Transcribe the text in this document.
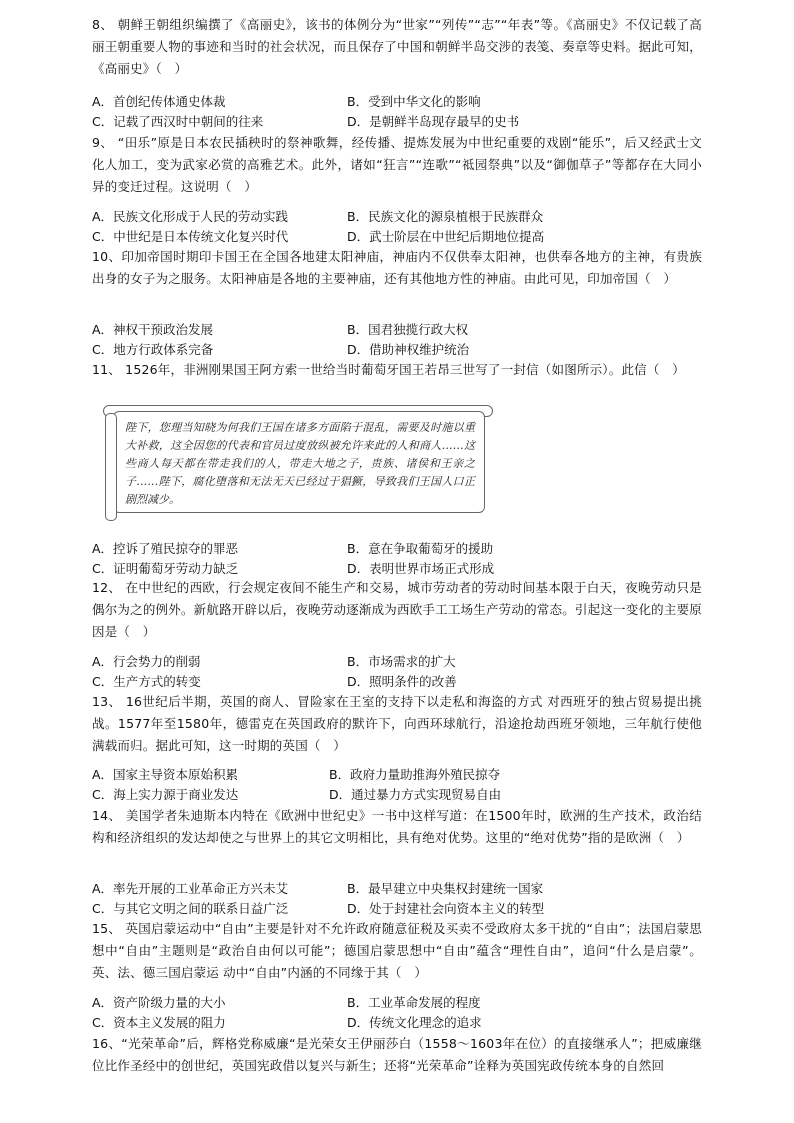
8、 朝鲜王朝组织编撰了《高丽史》，该书的体例分为“世家”“列传”“志”“年表”等。《高丽史》不仅记载了高丽王朝重要人物的事迹和当时的社会状况，而且保存了中国和朝鲜半岛交涉的表笺、奏章等史料。据此可知，《高丽史》（　）
A．首创纪传体通史体裁	B．受到中华文化的影响
C．记载了西汉时中朝间的往来	D．是朝鲜半岛现存最早的史书
9、 “田乐”原是日本农民插秧时的祭神歌舞，经传播、提炼发展为中世纪重要的戏剧“能乐”，后又经武士文化人加工，变为武家必赏的高雅艺术。此外，诸如“狂言”“连歌”“祗园祭典”以及“御伽草子”等都存在大同小异的变迁过程。这说明（　）
A．民族文化形成于人民的劳动实践	B．民族文化的源泉植根于民族群众
C．中世纪是日本传统文化复兴时代	D．武士阶层在中世纪后期地位提高
10、印加帝国时期印卡国王在全国各地建太阳神庙，神庙内不仅供奉太阳神，也供奉各地方的主神，有贵族出身的女子为之服务。太阳神庙是各地的主要神庙，还有其他地方性的神庙。由此可见，印加帝国（　）
A．神权干预政治发展	B．国君独揽行政大权
C．地方行政体系完备	D．借助神权维护统治
11、 1526年，非洲刚果国王阿方索一世给当时葡萄牙国王若昂三世写了一封信（如图所示）。此信（　）
陛下，您理当知晓为何我们王国在诸多方面陷于混乱，需要及时施以重大补救，这全因您的代表和官员过度放纵被允许来此的人和商人……这些商人每天都在带走我们的人，带走大地之子，贵族、诸侯和王亲之子……陛下，腐化堕落和无法无天已经过于猖獗，导致我们王国人口正剧烈减少。
A．控诉了殖民掠夺的罪恶	B．意在争取葡萄牙的援助
C．证明葡萄牙劳动力缺乏	D．表明世界市场正式形成
12、 在中世纪的西欧，行会规定夜间不能生产和交易，城市劳动者的劳动时间基本限于白天，夜晚劳动只是偶尔为之的例外。新航路开辟以后，夜晚劳动逐渐成为西欧手工工场生产劳动的常态。引起这一变化的主要原因是（　）
A．行会势力的削弱	B．市场需求的扩大
C．生产方式的转变	D．照明条件的改善
13、 16世纪后半期，英国的商人、冒险家在王室的支持下以走私和海盗的方式 对西班牙的独占贸易提出挑战。1577年至1580年，德雷克在英国政府的默许下，向西环球航行，沿途抢劫西班牙领地，三年航行使他满载而归。据此可知，这一时期的英国（　）
A．国家主导资本原始积累	B．政府力量助推海外殖民掠夺
C．海上实力源于商业发达	D．通过暴力方式实现贸易自由
14、 美国学者朱迪斯本内特在《欧洲中世纪史》一书中这样写道：在1500年时，欧洲的生产技术，政治结构和经济组织的发达却使之与世界上的其它文明相比，具有绝对优势。这里的“绝对优势”指的是欧洲（　）
A．率先开展的工业革命正方兴未艾	B．最早建立中央集权封建统一国家
C．与其它文明之间的联系日益广泛	D．处于封建社会向资本主义的转型
15、 英国启蒙运动中“自由”主要是针对不允许政府随意征税及买卖不受政府太多干扰的“自由”；法国启蒙思想中“自由”主题则是“政治自由何以可能”；德国启蒙思想中“自由”蕴含“理性自由”，追问“什么是启蒙”。英、法、德三国启蒙运 动中“自由”内涵的不同缘于其（　）
A．资产阶级力量的大小	B．工业革命发展的程度
C．资本主义发展的阻力	D．传统文化理念的追求
16、“光荣革命”后，辉格党称威廉“是光荣女王伊丽莎白（1558～1603年在位）的直接继承人”；把威廉继位比作圣经中的创世纪，英国宪政借以复兴与新生；还将“光荣革命”诠释为英国宪政传统本身的自然回
